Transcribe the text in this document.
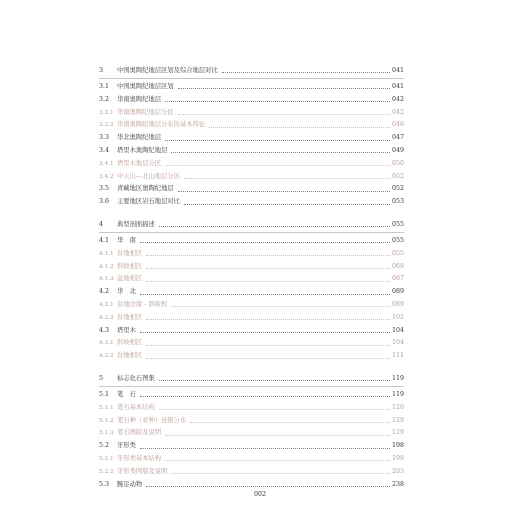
3	中国奥陶纪地层区划及综合地层对比	041
3.1	中国奥陶纪地层区划	041
3.2	华南奥陶纪地层	042
3.2.1 华南奥陶纪地层分区	042
3.2.2 华南奥陶纪地层分布的基本特征	046
3.3	华北奥陶纪地层	047
3.4	塔里木奥陶纪地层	049
3.4.1 塔里木地层分区	050
3.4.2 中天山—北山地层分区	052
3.5	青藏地区奥陶纪地层	052
3.6	主要地区岩石地层对比	053
4	典型剖面描述	055
4.1	华　南	055
4.1.1 台地相区	055
4.1.2 斜坡相区	069
4.1.3 盆地相区	087
4.2	华　北	089
4.2.1 台地边缘 - 斜坡相	089
4.2.2 台地相区	102
4.3	塔里木	104
4.3.1 斜坡相区	104
4.3.2 台地相区	111
5	标志化石图集	119
5.1	笔　石	119
5.1.1 笔石基本结构	120
5.1.2 笔石种（亚种）延限分布	129
5.1.3 笔石图版及说明	129
5.2	牙形类	198
5.2.1 牙形类基本结构	199
5.2.2 牙形类图版及说明	203
5.3	腕足动物	238
002
